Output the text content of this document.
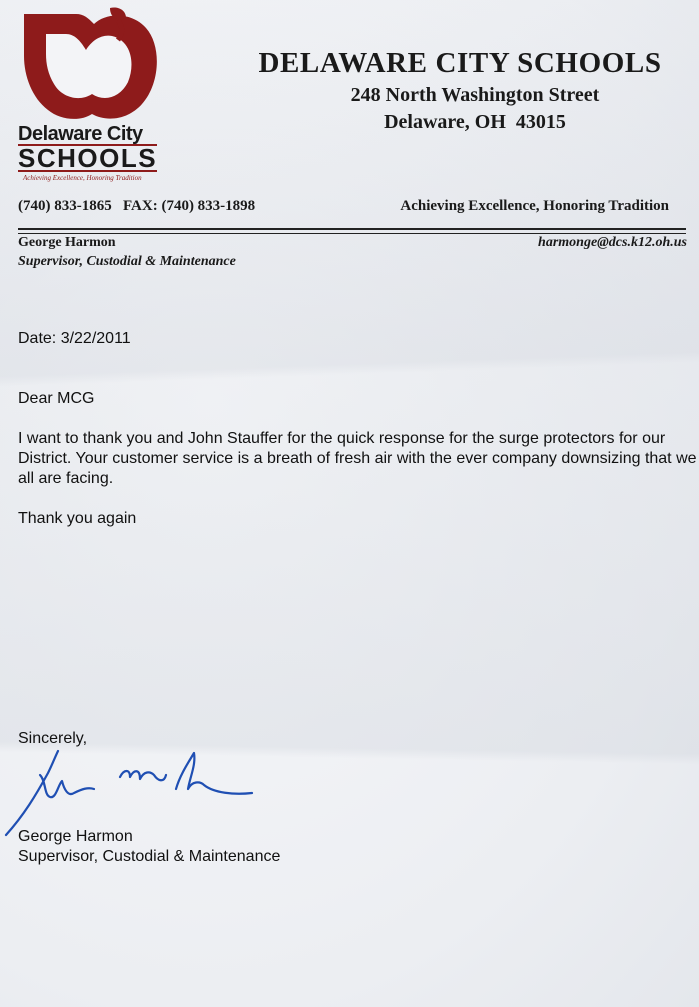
Delaware City
SCHOOLS
Achieving Excellence, Honoring Tradition
DELAWARE CITY SCHOOLS
248 North Washington Street
Delaware, OH  43015
(740) 833-1865   FAX: (740) 833-1898	Achieving Excellence, Honoring Tradition
George Harmon
Supervisor, Custodial & Maintenance
harmonge@dcs.k12.oh.us
Date: 3/22/2011
Dear MCG
I want to thank you and John Stauffer for the quick response for the surge protectors for our District. Your customer service is a breath of fresh air with the ever company downsizing that we all are facing.
Thank you again
Sincerely,
George Harmon
Supervisor, Custodial & Maintenance
